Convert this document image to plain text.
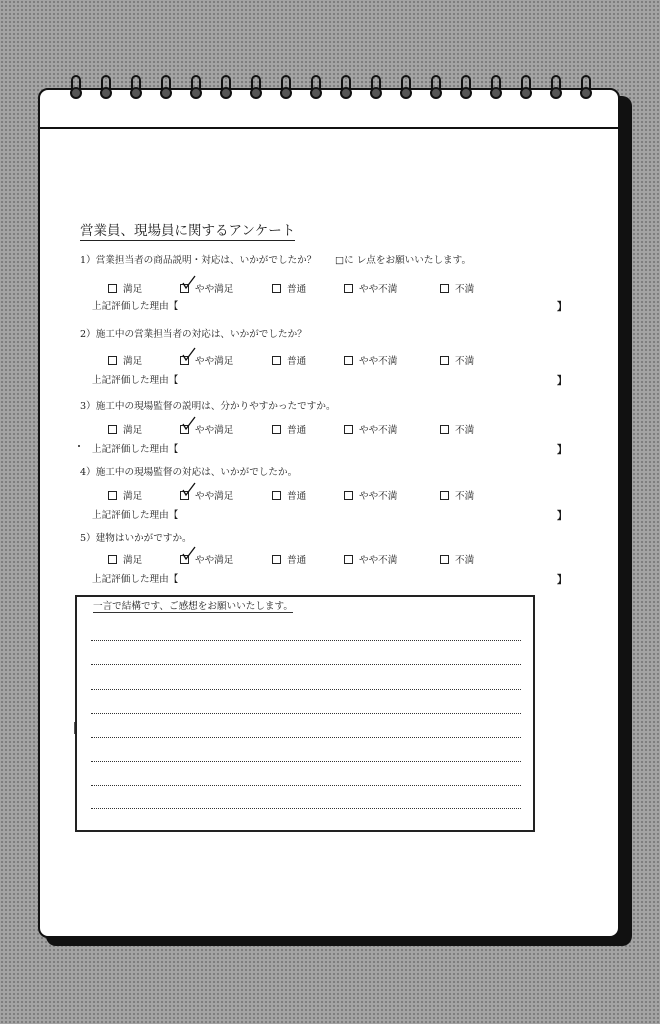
営業員、現場員に関するアンケート
□に レ点をお願いいたします。
1）営業担当者の商品説明・対応は、いかがでしたか？
満足	やや満足	普通	やや不満	不満
上記評価した理由【	】
2）施工中の営業担当者の対応は、いかがでしたか？
満足	やや満足	普通	やや不満	不満
上記評価した理由【	】
3）施工中の現場監督の説明は、分かりやすかったですか。
満足	やや満足	普通	やや不満	不満
上記評価した理由【	】
4）施工中の現場監督の対応は、いかがでしたか。
満足	やや満足	普通	やや不満	不満
上記評価した理由【	】
5）建物はいかがですか。
満足	やや満足	普通	やや不満	不満
上記評価した理由【	】
一言で結構です、ご感想をお願いいたします。
